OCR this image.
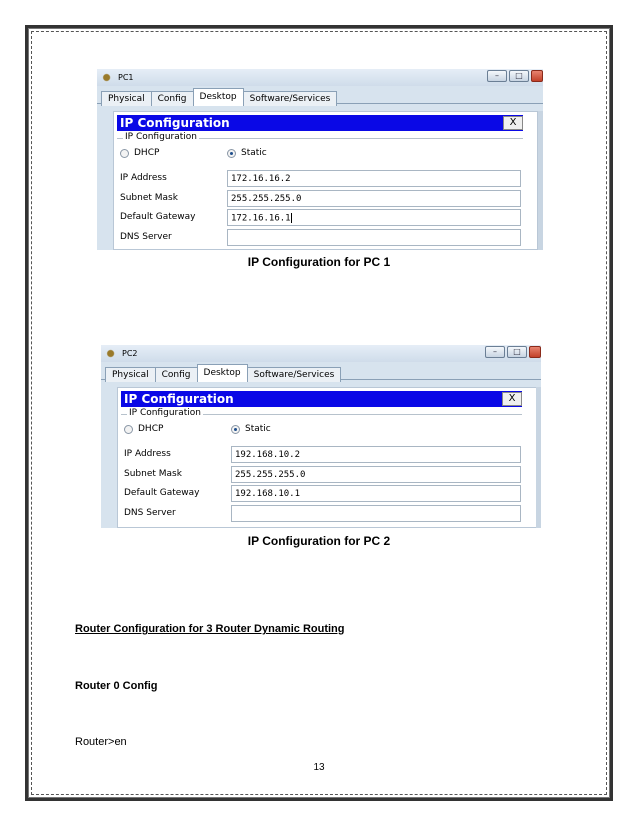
PC1	–	□
Physical	Config	Desktop	Software/Services
IP Configuration	X
IP Configuration
DHCP	Static
IP Address	172.16.16.2
Subnet Mask	255.255.255.0
Default Gateway	172.16.16.1
DNS Server
IP Configuration for PC 1
PC2	–	□
Physical	Config	Desktop	Software/Services
IP Configuration	X
IP Configuration
DHCP	Static
IP Address	192.168.10.2
Subnet Mask	255.255.255.0
Default Gateway	192.168.10.1
DNS Server
IP Configuration for PC 2
Router Configuration for 3 Router Dynamic Routing
Router 0 Config
Router>en
13
